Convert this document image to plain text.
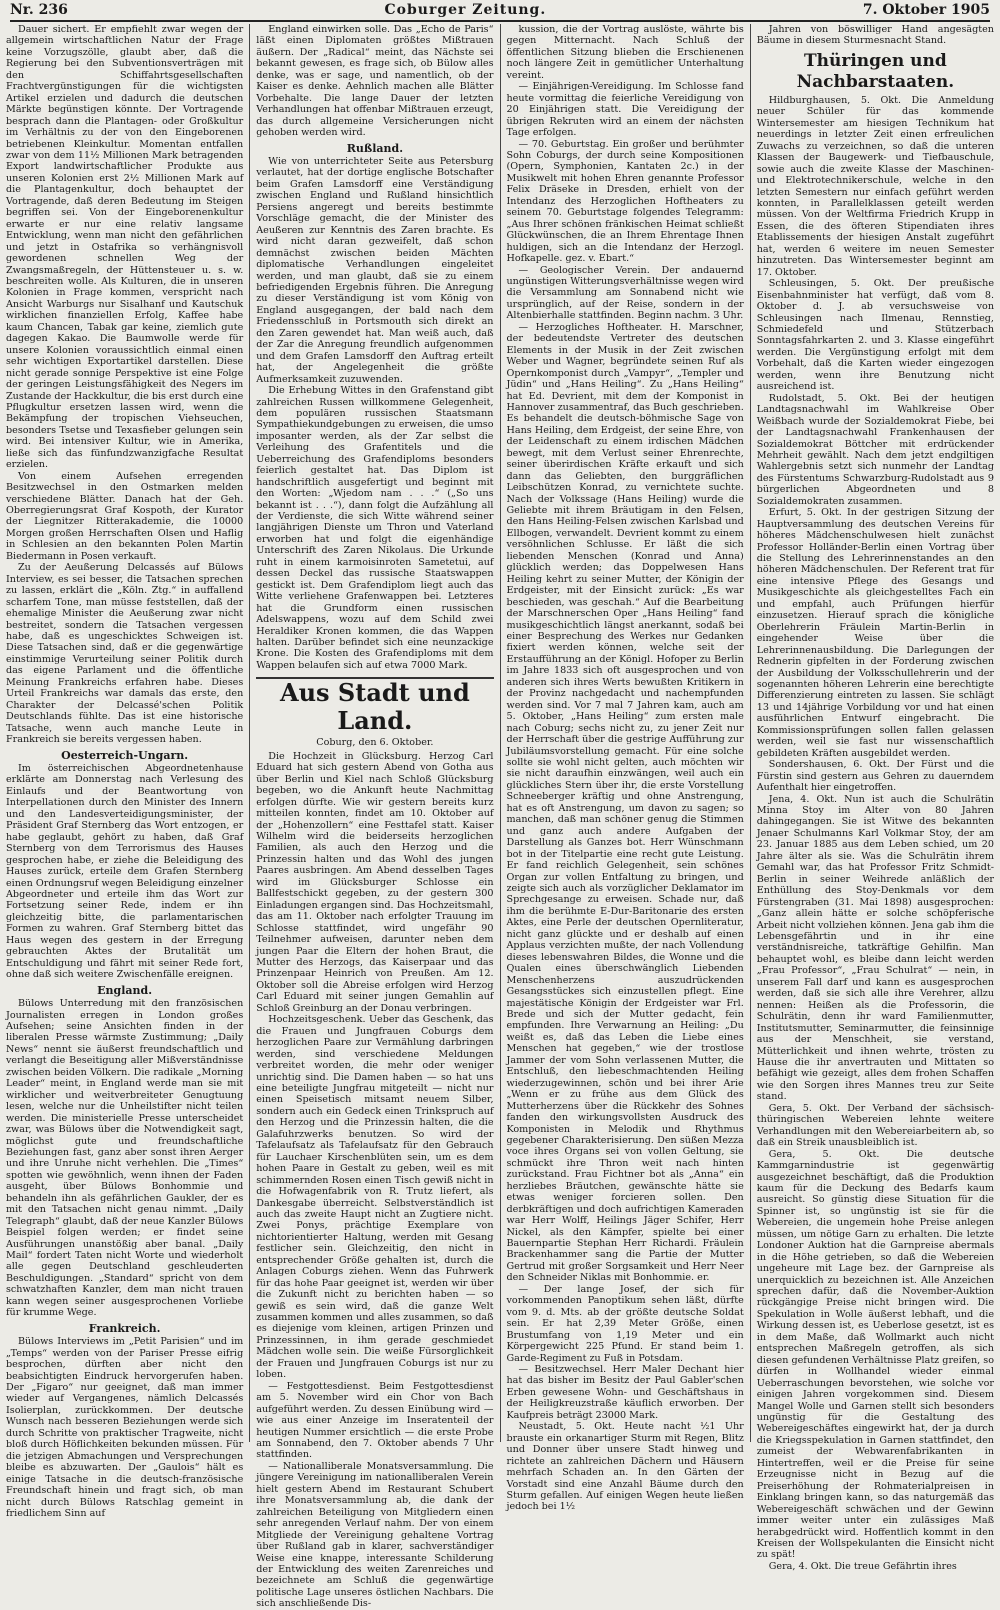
Nr. 236	Coburger Zeitung.	7. Oktober 1905

Dauer sichert. Er empfiehlt zwar wegen der allgemein wirtschaftlichen Natur der Frage keine Vorzugszölle, glaubt aber, daß die Regierung bei den Subventionsverträgen mit den Schiffahrtsgesellschaften Frachtvergünstigungen für die wichtigsten Artikel erzielen und dadurch die deutschen Märkte begünstigen könnte. Der Vortragende besprach dann die Plantagen- oder Großkultur im Verhältnis zu der von den Eingeborenen betriebenen Kleinkultur. Momentan entfallen zwar von dem 11½ Millionen Mark betragenden Export landwirtschaftlicher Produkte aus unseren Kolonien erst 2½ Millionen Mark auf die Plantagenkultur, doch behauptet der Vortragende, daß deren Bedeutung im Steigen begriffen sei. Von der Eingeborenenkultur erwarte er nur eine relativ langsame Entwicklung, wenn man nicht den gefährlichen und jetzt in Ostafrika so verhängnisvoll gewordenen schnellen Weg der Zwangsmaßregeln, der Hüttensteuer u. s. w. beschreiten wolle. Als Kulturen, die in unseren Kolonien in Frage kommen, verspricht nach Ansicht Warburgs nur Sisalhanf und Kautschuk wirklichen finanziellen Erfolg, Kaffee habe kaum Chancen, Tabak gar keine, ziemlich gute dagegen Kakao. Die Baumwolle werde für unsere Kolonien voraussichtlich einmal einen sehr wichtigen Exportartikel darstellen. Diese nicht gerade sonnige Perspektive ist eine Folge der geringen Leistungsfähigkeit des Negers im Zustande der Hackkultur, die bis erst durch eine Pflugkultur ersetzen lassen wird, wenn die Bekämpfung der tropischen Viehseuchen, besonders Tsetse und Texasfieber gelungen sein wird. Bei intensiver Kultur, wie in Amerika, ließe sich das fünfundzwanzigfache Resultat erzielen.

Von einem Aufsehen erregenden Besitzwechsel in den Ostmarken melden verschiedene Blätter. Danach hat der Geh. Oberregierungsrat Graf Kospoth, der Kurator der Liegnitzer Ritterakademie, die 10000 Morgen großen Herrschaften Olsen und Haflig in Schlesien an den bekannten Polen Martin Biedermann in Posen verkauft.

Zu der Aeußerung Delcassés auf Bülows Interview, es sei besser, die Tatsachen sprechen zu lassen, erklärt die „Köln. Ztg.“ in auffallend scharfem Tone, man müsse feststellen, daß der ehemalige Minister die Aeußerung zwar nicht bestreitet, sondern die Tatsachen vergessen habe, daß es ungeschicktes Schweigen ist. Diese Tatsachen sind, daß er die gegenwärtige einstimmige Verurteilung seiner Politik durch das eigene Parlament und die öffentliche Meinung Frankreichs erfahren habe. Dieses Urteil Frankreichs war damals das erste, den Charakter der Delcassé'schen Politik Deutschlands fühlte. Das ist eine historische Tatsache, wenn auch manche Leute in Frankreich sie bereits vergessen haben.

Oesterreich-Ungarn.

Im österreichischen Abgeordnetenhause erklärte am Donnerstag nach Verlesung des Einlaufs und der Beantwortung von Interpellationen durch den Minister des Innern und den Landesverteidigungsminister, der Präsident Graf Sternberg das Wort entzogen, er habe geglaubt, gehört zu haben, daß Graf Sternberg von dem Terrorismus des Hauses gesprochen habe, er ziehe die Beleidigung des Hauses zurück, erteile dem Grafen Sternberg einen Ordnungsruf wegen Beleidigung einzelner Abgeordneter und erteile ihm das Wort zur Fortsetzung seiner Rede, indem er ihn gleichzeitig bitte, die parlamentarischen Formen zu wahren. Graf Sternberg bittet das Haus wegen des gestern in der Erregung gebrauchten Aktes der Brutalität um Entschuldigung und fährt mit seiner Rede fort, ohne daß sich weitere Zwischenfälle ereignen.

England.

Bülows Unterredung mit den französischen Journalisten erregen in London großes Aufsehen; seine Ansichten finden in der liberalen Presse wärmste Zustimmung; „Daily News“ nennt sie äußerst freundschaftlich und verlangt die Beseitigung aller Mißverständnisse zwischen beiden Völkern. Die radikale „Morning Leader“ meint, in England werde man sie mit wirklicher und weitverbreiteter Genugtuung lesen, welche nur die Unheilstifter nicht teilen werden. Die ministerielle Presse unterscheidet zwar, was Bülows über die Notwendigkeit sagt, möglichst gute und freundschaftliche Beziehungen fast, ganz aber sonst ihren Aerger und ihre Unruhe nicht verhehlen. Die „Times“ spotten wie gewöhnlich, wenn ihnen der Faden ausgeht, über Bülows Bonhommie und behandeln ihn als gefährlichen Gaukler, der es mit den Tatsachen nicht genau nimmt. „Daily Telegraph“ glaubt, daß der neue Kanzler Bülows Beispiel folgen werden; er findet seine Ausführungen unanstößig aber banal. „Daily Mail“ fordert Taten nicht Worte und wiederholt alle gegen Deutschland geschleuderten Beschuldigungen. „Standard“ spricht von dem schwatzhaften Kanzler, dem man nicht trauen kann wegen seiner ausgesprochenen Vorliebe für krumme Wege.

Frankreich.

Bülows Interviews im „Petit Parisien“ und im „Temps“ werden von der Pariser Presse eifrig besprochen, dürften aber nicht den beabsichtigten Eindruck hervorgerufen haben. Der „Figaro“ nur geeignet, daß man immer wieder auf Vergangenes, nämlich Delcassés Isolierplan, zurückkommen. Der deutsche Wunsch nach besseren Beziehungen werde sich durch Schritte von praktischer Tragweite, nicht bloß durch Höflichkeiten bekunden müssen. Für die jetzigen Abmachungen und Versprechungen bleibe es abzuwarten. Der „Gaulois“ hält es einige Tatsache in die deutsch-französische Freundschaft hinein und fragt sich, ob man nicht durch Bülows Ratschlag gemeint in friedlichem Sinn auf

England einwirken solle. Das „Echo de Paris“ läßt einen Diplomaten größtes Mißtrauen äußern. Der „Radical“ meint, das Nächste sei bekannt gewesen, es frage sich, ob Bülow alles denke, was er sage, und namentlich, ob der Kaiser es denke. Aehnlich machen alle Blätter Vorbehalte. Die lange Dauer der letzten Verhandlungen hat offenbar Mißtrauen erzeugt, das durch allgemeine Versicherungen nicht gehoben werden wird.

Rußland.

Wie von unterrichteter Seite aus Petersburg verlautet, hat der dortige englische Botschafter beim Grafen Lamsdorff eine Verständigung zwischen England und Rußland hinsichtlich Persiens angeregt und bereits bestimmte Vorschläge gemacht, die der Minister des Aeußeren zur Kenntnis des Zaren brachte. Es wird nicht daran gezweifelt, daß schon demnächst zwischen beiden Mächten diplomatische Verhandlungen eingeleitet werden, und man glaubt, daß sie zu einem befriedigenden Ergebnis führen. Die Anregung zu dieser Verständigung ist vom König von England ausgegangen, der bald nach dem Friedensschluß in Portsmouth sich direkt an den Zaren gewendet hat. Man weiß auch, daß der Zar die Anregung freundlich aufgenommen und dem Grafen Lamsdorff den Auftrag erteilt hat, der Angelegenheit die größte Aufmerksamkeit zuzuwenden.

Die Erhebung Wittes in den Grafenstand gibt zahlreichen Russen willkommene Gelegenheit, dem populären russischen Staatsmann Sympathiekundgebungen zu erweisen, die umso imposanter werden, als der Zar selbst die Verleihung des Grafentitels und die Ueberreichung des Grafendiploms besonders feierlich gestaltet hat. Das Diplom ist handschriftlich ausgefertigt und beginnt mit den Worten: „Wjedom nam . . .“ („So uns bekannt ist . . .“), dann folgt die Aufzählung all der Verdienste, die sich Witte während seiner langjährigen Dienste um Thron und Vaterland erworben hat und folgt die eigenhändige Unterschrift des Zaren Nikolaus. Die Urkunde ruht in einem karmoisinroten Sametetui, auf dessen Deckel das russische Staatswappen gestickt ist. Dem Grafendiplom liegt auch das Witte verliehene Grafenwappen bei. Letzteres hat die Grundform einen russischen Adelswappens, wozu auf dem Schild zwei Heraldiker Kronen kommen, die das Wappen halten. Darüber befindet sich eine neunzackige Krone. Die Kosten des Grafendiploms mit dem Wappen belaufen sich auf etwa 7000 Mark.

Aus Stadt und Land.
Coburg, den 6. Oktober.

Die Hochzeit in Glücksburg. Herzog Carl Eduard hat sich gestern Abend von Gotha aus über Berlin und Kiel nach Schloß Glücksburg begeben, wo die Ankunft heute Nachmittag erfolgen dürfte. Wie wir gestern bereits kurz mitteilen konnten, findet am 10. Oktober auf der „Hohenzollern“ eine Festtafel statt. Kaiser Wilhelm wird die beiderseits herzoglichen Familien, als auch den Herzog und die Prinzessin halten und das Wohl des jungen Paares ausbringen. Am Abend desselben Tages wird im Glücksburger Schlosse ein Ballfestschickt gegeben, zu der gestern 300 Einladungen ergangen sind. Das Hochzeitsmahl, das am 11. Oktober nach erfolgter Trauung im Schlosse stattfindet, wird ungefähr 90 Teilnehmer aufweisen, darunter neben dem jungen Paar die Eltern der hohen Braut, die Mutter des Herzogs, das Kaiserpaar und das Prinzenpaar Heinrich von Preußen. Am 12. Oktober soll die Abreise erfolgen wird Herzog Carl Eduard mit seiner jungen Gemahlin auf Schloß Greinburg an der Donau verbringen.

Hochzeitsgeschenk. Ueber das Geschenk, das die Frauen und Jungfrauen Coburgs dem herzoglichen Paare zur Vermählung darbringen werden, sind verschiedene Meldungen verbreitet worden, die mehr oder weniger unrichtig sind. Die Damen haben — so hat uns eine beteiligte Jungfrau mitgeteilt — nicht nur einen Speisetisch mitsamt neuem Silber, sondern auch ein Gedeck einen Trinkspruch auf den Herzog und die Prinzessin halten, die die Galafuhrzwerks benutzen. So wird der Tafelaufsatz als Tafelaufsatz für den Gebrauch für Lauchaer Kirschenblüten sein, um es dem hohen Paare in Gestalt zu geben, weil es mit schimmernden Rosen einen Tisch gewiß nicht in die Hofwagenfabrik von R. Trutz liefert, als Dankesgabe überreicht. Selbstverständlich ist auch das zweite Haupt nicht an Zugtiere nicht. Zwei Ponys, prächtige Exemplare von nichtorientierter Haltung, werden mit Gesang festlicher sein. Gleichzeitig, den nicht in entsprechender Größe gehalten ist, durch die Anlagen Coburgs ziehen. Wenn das Fuhrwerk für das hohe Paar geeignet ist, werden wir über die Zukunft nicht zu berichten haben — so gewiß es sein wird, daß die ganze Welt zusammen kommen und alles zusammen, so daß es diejenige vom kleinen, artigen Prinzen und Prinzessinnen, in ihm gerade geschmiedet Mädchen wolle sein. Die weiße Fürsorglichkeit der Frauen und Jungfrauen Coburgs ist nur zu loben.

— Festgottesdienst. Beim Festgottesdienst am 5. November wird ein Chor von Bach aufgeführt werden. Zu dessen Einübung wird — wie aus einer Anzeige im Inseratenteil der heutigen Nummer ersichtlich — die erste Probe am Sonnabend, den 7. Oktober abends 7 Uhr stattfinden.

— Nationalliberale Monatsversammlung. Die jüngere Vereinigung im nationalliberalen Verein hielt gestern Abend im Restaurant Schubert ihre Monatsversammlung ab, die dank der zahlreichen Beteiligung von Mitgliedern einen sehr anregenden Verlauf nahm. Der von einem Mitgliede der Vereinigung gehaltene Vortrag über Rußland gab in klarer, sachverständiger Weise eine knappe, interessante Schilderung der Entwicklung des weiten Zarenreiches und bezeichnete am Schluß die gegenwärtige politische Lage unseres östlichen Nachbars. Die sich anschließende Dis-

kussion, die der Vortrag auslöste, währte bis gegen Mitternacht. Nach Schluß der öffentlichen Sitzung blieben die Erschienenen noch längere Zeit in gemütlicher Unterhaltung vereint.

— Einjährigen-Vereidigung. Im Schlosse fand heute vormittag die feierliche Vereidigung von 20 Einjährigen statt. Die Vereidigung der übrigen Rekruten wird an einem der nächsten Tage erfolgen.

— 70. Geburtstag. Ein großer und berühmter Sohn Coburgs, der durch seine Kompositionen (Opern, Symphonien, Kantaten 2c.) in der Musikwelt mit hohen Ehren genannte Professor Felix Dräseke in Dresden, erhielt von der Intendanz des Herzoglichen Hoftheaters zu seinem 70. Geburtstage folgendes Telegramm: „Aus Ihrer schönen fränkischen Heimat schließt Glückwünschen, die an Ihrem Ehrentage Ihnen huldigen, sich an die Intendanz der Herzogl. Hofkapelle. gez. v. Ebart.“

— Geologischer Verein. Der andauernd ungünstigen Witterungsverhältnisse wegen wird die Versammlung am Sonnabend nicht wie ursprünglich, auf der Reise, sondern in der Altenbierhalle stattfinden. Beginn nachm. 3 Uhr.

— Herzogliches Hoftheater. H. Marschner, der bedeutendste Vertreter des deutschen Elements in der Musik in der Zeit zwischen Weber und Wagner, begründete seinen Ruf als Opernkomponist durch „Vampyr“, „Templer und Jüdin“ und „Hans Heiling“. Zu „Hans Heiling“ hat Ed. Devrient, mit dem der Komponist in Hannover zusammentraf, das Buch geschrieben. Es behandelt die deutsch-böhmische Sage von Hans Heiling, dem Erdgeist, der seine Ehre, von der Leidenschaft zu einem irdischen Mädchen bewegt, mit dem Verlust seiner Ehrenrechte, seiner überirdischen Kräfte erkauft und sich dann das Geliebten, den burggräflichen Leibschützen Konrad, zu vernichtete suchte. Nach der Volkssage (Hans Heiling) wurde die Geliebte mit ihrem Bräutigam in den Felsen, den Hans Heiling-Felsen zwischen Karlsbad und Ellbogen, verwandelt. Devrient kommt zu einem versöhnlichen Schlusse. Er läßt die sich liebenden Menschen (Konrad und Anna) glücklich werden; das Doppelwesen Hans Heiling kehrt zu seiner Mutter, der Königin der Erdgeister, mit der Einsicht zurück: „Es war beschieden, was geschah.“ Auf die Bearbeitung der Marschnerschen Oper „Hans Heiling“ fand musikgeschichtlich längst anerkannt, sodaß bei einer Besprechung des Werkes nur Gedanken fixiert werden können, welche seit der Erstaufführung an der Königl. Hofoper zu Berlin im Jahre 1833 sich oft ausgesprochen und von anderen sich ihres Werts bewußten Kritikern in der Provinz nachgedacht und nachempfunden werden sind. Vor 7 mal 7 Jahren kam, auch am 5. Oktober, „Hans Heiling“ zum ersten male nach Coburg; sechs nicht zu, zu jener Zeit nur der Herrschaft über die gestrige Aufführung zur Jubiläumsvorstellung gemacht. Für eine solche sollte sie wohl nicht gelten, auch möchten wir sie nicht daraufhin einzwängen, weil auch ein glückliches Stern über ihr, die erste Vorstellung Schneeberger kräftig und ohne Anstrengung, hat es oft Anstrengung, um davon zu sagen; so manchen, daß man schöner genug die Stimmen und ganz auch andere Aufgaben der Darstellung als Ganzes bot. Herr Wünschmann bot in der Titelpartie eine recht gute Leistung. Er fand reichlich Gelegenheit, sein schönes Organ zur vollen Entfaltung zu bringen, und zeigte sich auch als vorzüglicher Deklamator im Sprechgesange zu erweisen. Schade nur, daß ihm die berühmte E-Dur-Baritonarie des ersten Aktes, eine Perle der deutschen Opernliteratur, nicht ganz glückte und er deshalb auf einen Applaus verzichten mußte, der nach Vollendung dieses lebenswahren Bildes, die Wonne und die Qualen eines überschwänglich Liebenden Menschenherzens auszudrückenden Gesangsstückes sich einzustellen pflegt. Eine majestätische Königin der Erdgeister war Frl. Brede und sich der Mutter gedacht, fein empfunden. Ihre Verwarnung an Heiling: „Du weißt es, daß das Leben die Liebe eines Menschen hat gegeben,“ wie der trostlose Jammer der vom Sohn verlassenen Mutter, die Entschluß, den liebeschmachtenden Heiling wiederzugewinnen, schön und bei ihrer Arie „Wenn er zu frühe aus dem Glück des Mutterherzens über die Rückkehr des Sohnes fanden den wirkungsvollsten Ausdruck des Komponisten in Melodik und Rhythmus gegebener Charakterisierung. Den süßen Mezza voce ihres Organs sei von vollen Geltung, sie schmückt ihre Thron weit nach hinten zurückstand. Frau Fichtner bot als „Anna“ ein herzliebes Bräutchen, gewänschte hätte sie etwas weniger forcieren sollen. Den derbkräftigen und doch aufrichtigen Kameraden war Herr Wolff, Heilings Jäger Schifer, Herr Nickel, als den Kämpfer, spielte bei einer Bauernpartie Stephan Herr Richardi. Fräulein Brackenhammer sang die Partie der Mutter Gertrud mit großer Sorgsamkeit und Herr Neer den Schneider Niklas mit Bonhommie. er.

— Der lange Josef, der sich für vorkommenden Panoptikum sehen läßt, dürfte vom 9. d. Mts. ab der größte deutsche Soldat sein. Er hat 2,39 Meter Größe, einen Brustumfang von 1,19 Meter und ein Körpergewicht 225 Pfund. Er stand beim 1. Garde-Regiment zu Fuß in Potsdam.

— Besitzwechsel. Herr Maler Dechant hier hat das bisher im Besitz der Paul Gabler'schen Erben gewesene Wohn- und Geschäftshaus in der Heiligkreuzstraße käuflich erworben. Der Kaufpreis beträgt 23000 Mark.

Neustadt, 5. Okt. Heute nacht ½1 Uhr brauste ein orkanartiger Sturm mit Regen, Blitz und Donner über unsere Stadt hinweg und richtete an zahlreichen Dächern und Häusern mehrfach Schaden an. In den Gärten der Vorstadt sind eine Anzahl Bäume durch den Sturm gefallen. Auf einigen Wegen heute ließen jedoch bei 1½

Jahren von böswilliger Hand angesägten Bäume in diesem Sturmesnacht Stand.

Thüringen und Nachbarstaaten.

Hildburghausen, 5. Okt. Die Anmeldung neuer Schüler für das kommende Wintersemester am hiesigen Technikum hat neuerdings in letzter Zeit einen erfreulichen Zuwachs zu verzeichnen, so daß die unteren Klassen der Baugewerk- und Tiefbauschule, sowie auch die zweite Klasse der Maschinen- und Elektrotechnikerschule, welche in den letzten Semestern nur einfach geführt werden konnten, in Parallelklassen geteilt werden müssen. Von der Weltfirma Friedrich Krupp in Essen, die des öfteren Stipendiaten ihres Etablissements der hiesigen Anstalt zugeführt hat, werden 6 weitere im neuen Semester hinzutreten. Das Wintersemester beginnt am 17. Oktober.

Schleusingen, 5. Okt. Der preußische Eisenbahnminister hat verfügt, daß vom 8. Oktober d. J. ab versuchsweise von Schleusingen nach Ilmenau, Rennstieg, Schmiedefeld und Stützerbach Sonntagsfahrkarten 2. und 3. Klasse eingeführt werden. Die Vergünstigung erfolgt mit dem Vorbehalt, daß die Karten wieder eingezogen werden, wenn ihre Benutzung nicht ausreichend ist.

Rudolstadt, 5. Okt. Bei der heutigen Landtagsnachwahl im Wahlkreise Ober Weißbach wurde der Sozialdemokrat Fiebe, bei der Landtagsnachwahl Frankenhausen der Sozialdemokrat Böttcher mit erdrückender Mehrheit gewählt. Nach dem jetzt endgiltigen Wahlergebnis setzt sich nunmehr der Landtag des Fürstentums Schwarzburg-Rudolstadt aus 9 bürgerlichen Abgeordneten und 8 Sozialdemokraten zusammen.

Erfurt, 5. Okt. In der gestrigen Sitzung der Hauptversammlung des deutschen Vereins für höheres Mädchenschulwesen hielt zunächst Professor Holländer-Berlin einen Vortrag über die Stellung des Lehrerinnenstandes an den höheren Mädchenschulen. Der Referent trat für eine intensive Pflege des Gesangs und Musikgeschichte als gleichgestelltes Fach ein und empfahl, auch Prüfungen hierfür einzusetzen. Hierauf sprach die königliche Oberlehrerin Fräulein Martin-Berlin in eingehender Weise über die Lehrerinnenausbildung. Die Darlegungen der Rednerin gipfelten in der Forderung zwischen der Ausbildung der Volksschullehrerin und der sogenannten höheren Lehrerin eine berechtigte Differenzierung eintreten zu lassen. Sie schlägt 13 und 14jährige Vorbildung vor und hat einen ausführlichen Entwurf eingebracht. Die Kommissionsprüfungen sollen fallen gelassen werden, weil sie fast nur wissenschaftlich gebildeten Kräften ausgebildet werden.

Sondershausen, 6. Okt. Der Fürst und die Fürstin sind gestern aus Gehren zu dauerndem Aufenthalt hier eingetroffen.

Jena, 4. Okt. Nun ist auch die Schulrätin Minna Stoy im Alter von 80 Jahren dahingegangen. Sie ist Witwe des bekannten Jenaer Schulmanns Karl Volkmar Stoy, der am 23. Januar 1885 aus dem Leben schied, um 20 Jahre älter als sie. Was die Schulrätin ihrem Gemahl war, das hat Professor Fritz Schmidt-Berlin in seiner Weihrede anläßlich der Enthüllung des Stoy-Denkmals vor dem Fürstengraben (31. Mai 1898) ausgesprochen: „Ganz allein hätte er solche schöpferische Arbeit nicht vollziehen können. Jena gab ihm die Lebensgefährtin und in ihr eine verständnisreiche, tatkräftige Gehilfin. Man behauptet wohl, es bleibe dann leicht werden „Frau Professor“, „Frau Schulrat“ — nein, in unserem Fall darf und kann es ausgesprochen werden, daß sie sich alle ihre Verehrer, allzu nennen: Heißen als die Professorin, die Schulrätin, denn ihr ward Familienmutter, Institutsmutter, Seminarmutter, die feinsinnige aus der Menschheit, sie verstand, Mütterlichkeit und ihnen wehrte, trösten zu Hause die ihr anvertrauten und Mittaten so befähigt wie gezeigt, alles dem frohen Schaffen wie den Sorgen ihres Mannes treu zur Seite stand.

Gera, 5. Okt. Der Verband der sächsisch-thüringischen Webereien lehnte weitere Verhandlungen mit den Webereiarbeitern ab, so daß ein Streik unausbleiblich ist.

Gera, 5. Okt. Die deutsche Kammgarnindustrie ist gegenwärtig ausgezeichnet beschäftigt, daß die Produktion kaum für die Deckung des Bedarfs kaum ausreicht. So günstig diese Situation für die Spinner ist, so ungünstig ist sie für die Webereien, die ungemein hohe Preise anlegen müssen, um nötige Garn zu erhalten. Die letzte Londoner Auktion hat die Garnpreise abermals in die Höhe getrieben, so daß die Webereien ungeheure mit Lage bez. der Garnpreise als unerquicklich zu bezeichnen ist. Alle Anzeichen sprechen dafür, daß die November-Auktion rückgängige Preise nicht bringen wird. Die Spekulation in Wolle äußerst lebhaft, und die Wirkung dessen ist, es Ueberlose gesetzt, ist es in dem Maße, daß Wollmarkt auch nicht entsprechen Maßregeln getroffen, als sich diesen gefundenen Verhältnisse Platz greifen, so dürfen in Wollhandel wieder einmal Ueberraschungen bevorstehen, wie solche vor einigen Jahren vorgekommen sind. Diesem Mangel Wolle und Garnen stellt sich besonders ungünstig für die Gestaltung des Webereigeschäftes eingewirkt hat, der ja durch die Kriegsspekulation in Garnen stattfindet, den zumeist der Webwarenfabrikanten in Hintertreffen, weil er die Preise für seine Erzeugnisse nicht in Bezug auf die Preiserhöhung der Rohmaterialpreisen in Einklang bringen kann, so das naturgemäß das Webereigeschäft schwächen und der Gewinn immer weiter unter ein zulässiges Maß herabgedrückt wird. Hoffentlich kommt in den Kreisen der Wollspekulanten die Einsicht nicht zu spät!

Gera, 4. Okt. Die treue Gefährtin ihres
